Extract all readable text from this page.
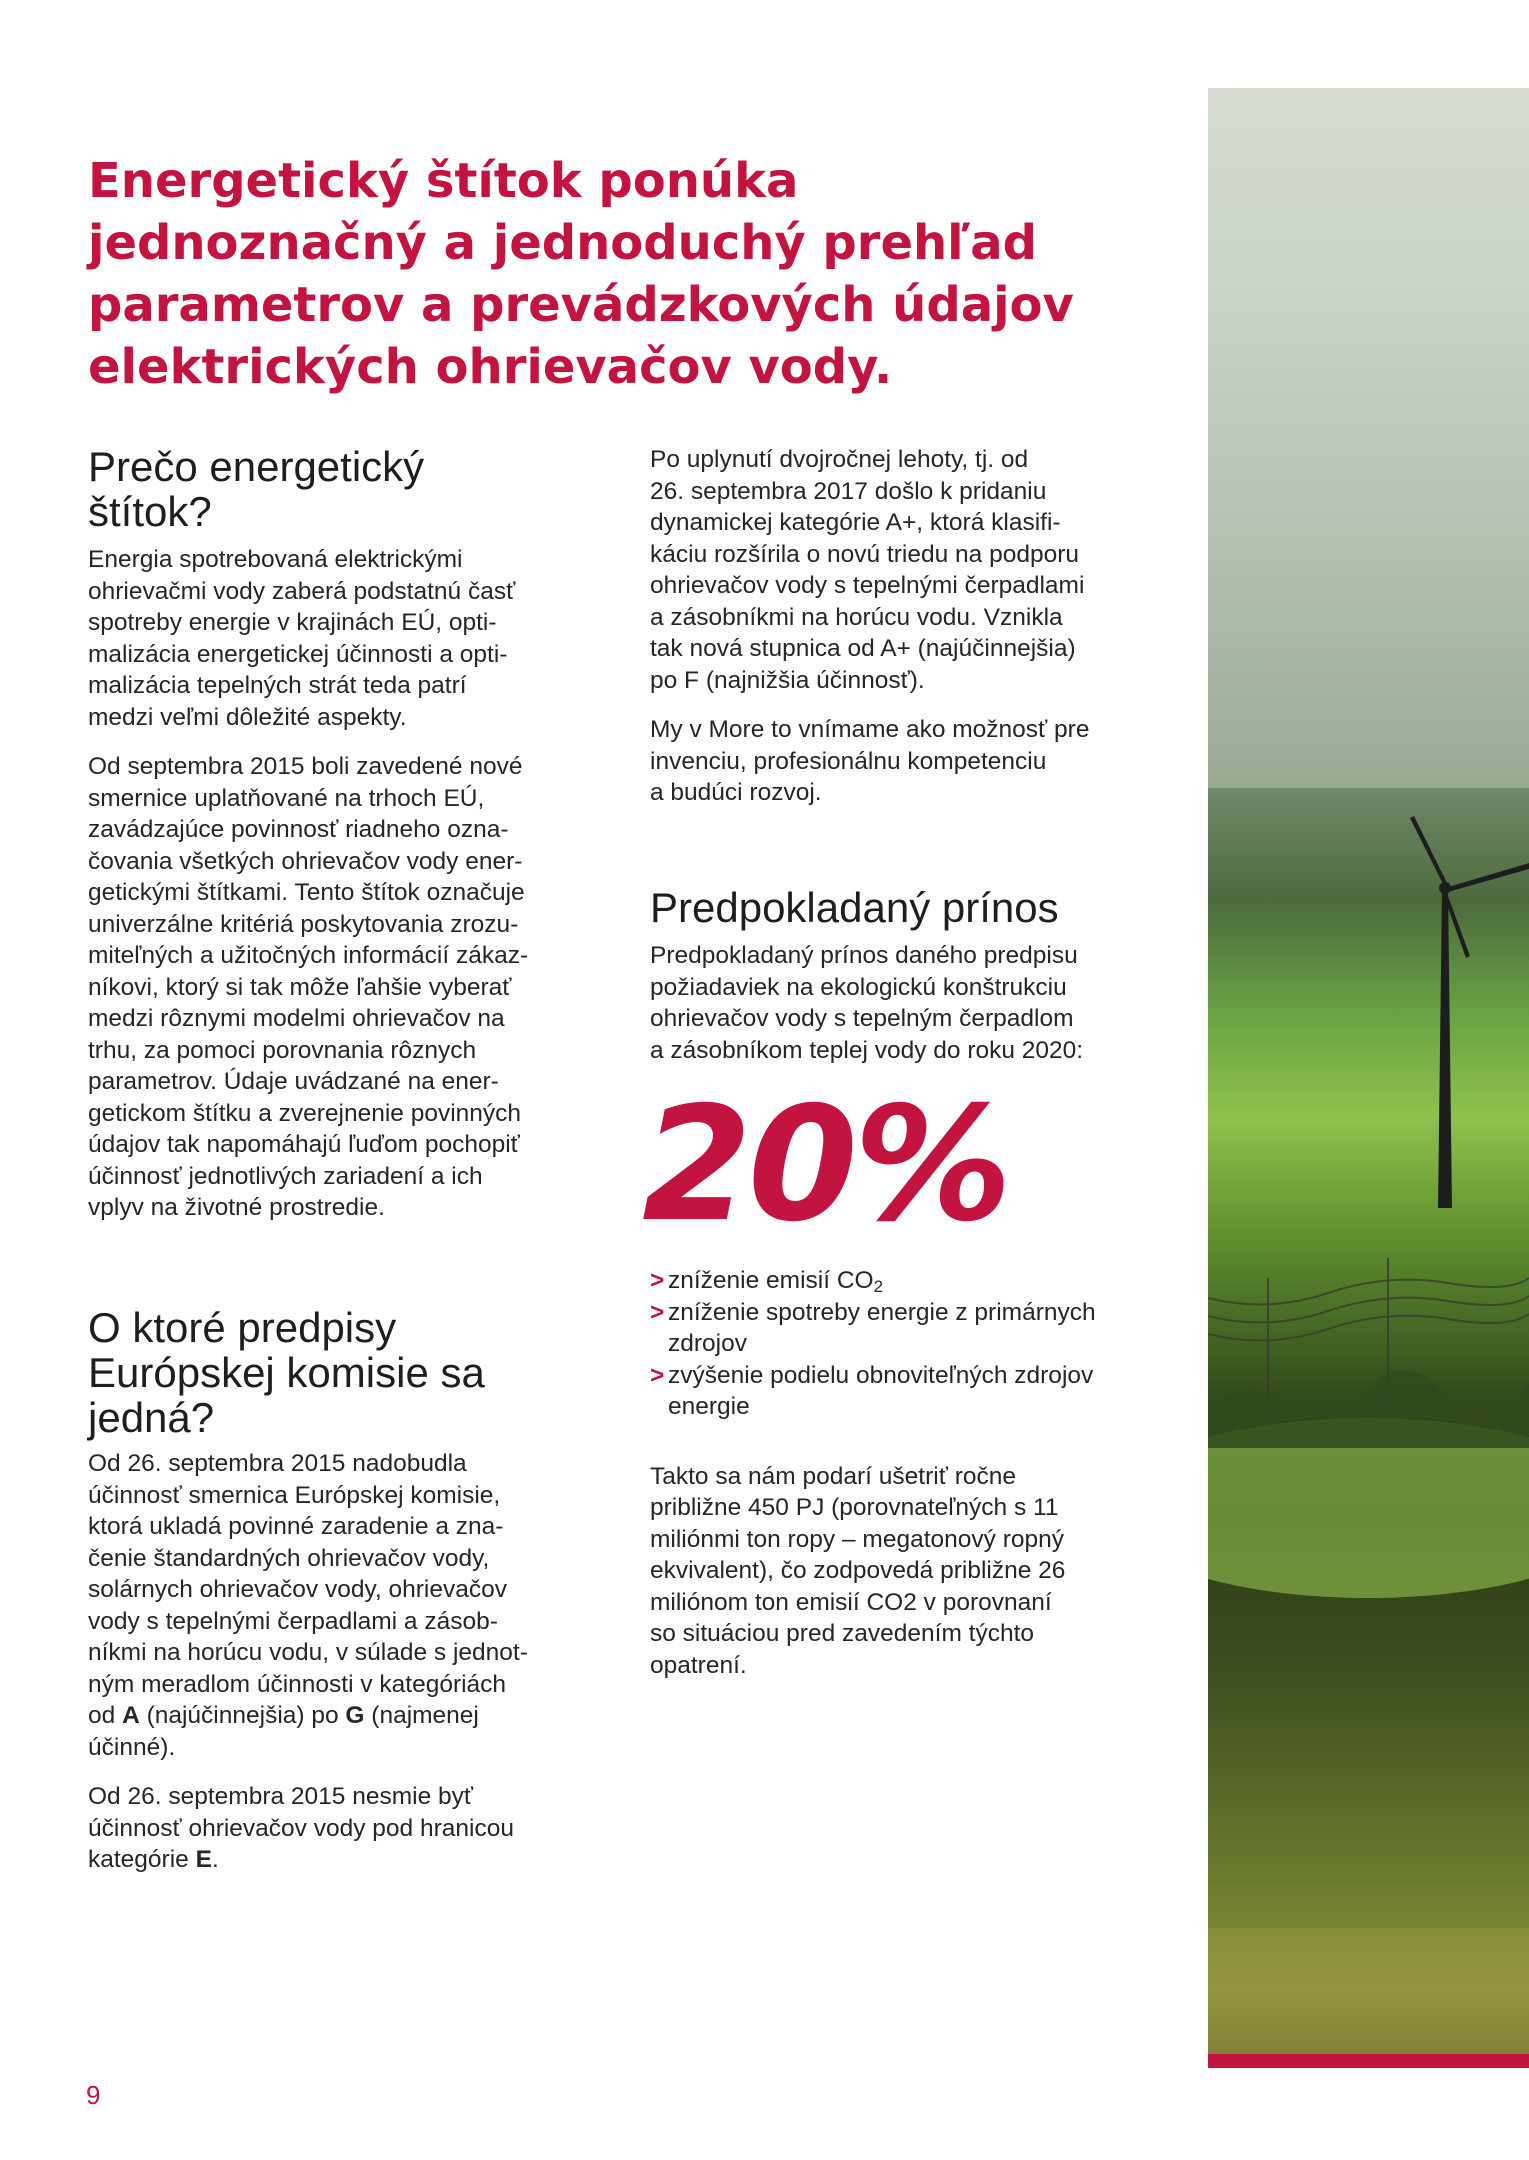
Energetický štítok ponúka
jednoznačný a jednoduchý prehľad
parametrov a prevádzkových údajov
elektrických ohrievačov vody.
Prečo energetický
štítok?
Energia spotrebovaná elektrickými
ohrievačmi vody zaberá podstatnú časť
spotreby energie v krajinách EÚ, opti-
malizácia energetickej účinnosti a opti-
malizácia tepelných strát teda patrí
medzi veľmi dôležité aspekty.
Od septembra 2015 boli zavedené nové
smernice uplatňované na trhoch EÚ,
zavádzajúce povinnosť riadneho ozna-
čovania všetkých ohrievačov vody ener-
getickými štítkami. Tento štítok označuje
univerzálne kritériá poskytovania zrozu-
miteľných a užitočných informácií zákaz-
níkovi, ktorý si tak môže ľahšie vyberať
medzi rôznymi modelmi ohrievačov na
trhu, za pomoci porovnania rôznych
parametrov. Údaje uvádzané na ener-
getickom štítku a zverejnenie povinných
údajov tak napomáhajú ľuďom pochopiť
účinnosť jednotlivých zariadení a ich
vplyv na životné prostredie.
O ktoré predpisy
Európskej komisie sa
jedná?
Od 26. septembra 2015 nadobudla
účinnosť smernica Európskej komisie,
ktorá ukladá povinné zaradenie a zna-
čenie štandardných ohrievačov vody,
solárnych ohrievačov vody, ohrievačov
vody s tepelnými čerpadlami a zásob-
níkmi na horúcu vodu, v súlade s jednot-
ným meradlom účinnosti v kategóriách
od A (najúčinnejšia) po G (najmenej
účinné).
Od 26. septembra 2015 nesmie byť
účinnosť ohrievačov vody pod hranicou
kategórie E.
Po uplynutí dvojročnej lehoty, tj. od
26. septembra 2017 došlo k pridaniu
dynamickej kategórie A+, ktorá klasifi-
káciu rozšírila o novú triedu na podporu
ohrievačov vody s tepelnými čerpadlami
a zásobníkmi na horúcu vodu. Vznikla
tak nová stupnica od A+ (najúčinnejšia)
po F (najnižšia účinnosť).
My v More to vnímame ako možnosť pre
invenciu, profesionálnu kompetenciu
a budúci rozvoj.
Predpokladaný prínos
Predpokladaný prínos daného predpisu
požiadaviek na ekologickú konštrukciu
ohrievačov vody s tepelným čerpadlom
a zásobníkom teplej vody do roku 2020:
20%
> zníženie emisií $CO_2$
> zníženie spotreby energie z primárnych
zdrojov
> zvýšenie podielu obnoviteľných zdrojov
energie
Takto sa nám podarí ušetriť ročne
približne 450 PJ (porovnateľných s 11
miliónmi ton ropy – megatonový ropný
ekvivalent), čo zodpovedá približne 26
miliónom ton emisií CO2 v porovnaní
so situáciou pred zavedením týchto
opatrení.
9
